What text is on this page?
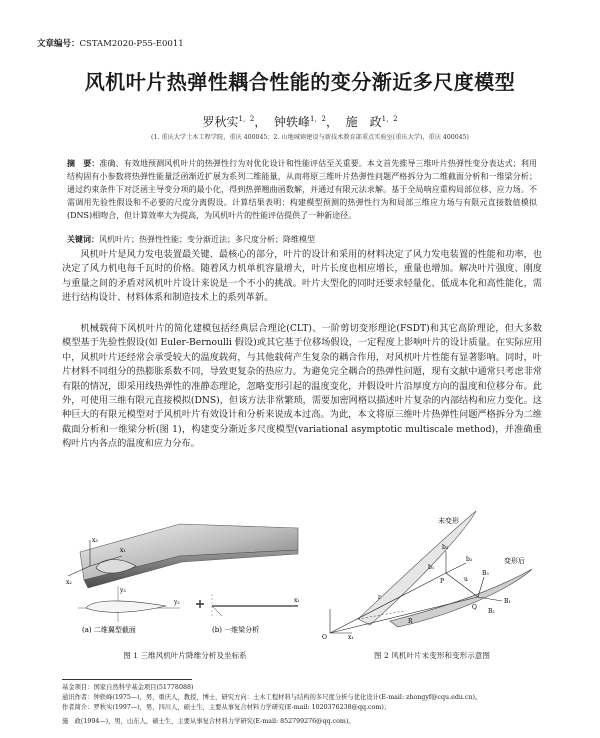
文章编号：CSTAM2020-P55-E0011
风机叶片热弹性耦合性能的变分渐近多尺度模型
罗秋实$^{1,2}$，  钟轶峰$^{1,2}$，  施　政$^{1,2}$
(1. 重庆大学土木工程学院，重庆 400045；2. 山地城镇建设与新技术教育部重点实验室(重庆大学)，重庆 400045)
摘　要：准确、有效地预测风机叶片的热弹性行为对优化设计和性能评估至关重要。本文首先推导三维叶片热弹性变分表达式；利用结构固有小参数将热弹性能量泛函渐近扩展为系列二维能量，从而将原三维叶片热弹性问题严格拆分为二维截面分析和一维梁分析；通过约束条件下对泛函主导变分项的最小化，得到热弹翘曲函数解，并通过有限元法求解。基于全局响应重构局部位移、应力场。不需调用先验性假设和不必要的尺度分离假设。计算结果表明：构建模型预测的热弹性行为和局部三维应力场与有限元直接数值模拟(DNS)相吻合，但计算效率大为提高，为风机叶片的性能评估提供了一种新途径。
关键词：风机叶片；热弹性性能；变分渐近法；多尺度分析；降维模型
风机叶片是风力发电装置最关键、最核心的部分，叶片的设计和采用的材料决定了风力发电装置的性能和功率，也决定了风力机电每千瓦时的价格。随着风力机单机容量增大，叶片长度也相应增长，重量也增加。解决叶片强度、刚度与重量之间的矛盾对风机叶片设计来说是一个不小的挑战。叶片大型化的同时还要求轻量化、低成本化和高性能化，需进行结构设计、材料体系和制造技术上的系列革新。
机械载荷下风机叶片的简化建模包括经典层合理论(CLT)、一阶剪切变形理论(FSDT)和其它高阶理论，但大多数模型基于先验性假设(如 Euler-Bernoulli 假设)或其它基于位移场假设，一定程度上影响叶片的设计质量。在实际应用中，风机叶片还经常会承受较大的温度载荷，与其他载荷产生复杂的耦合作用，对风机叶片性能有显著影响。同时，叶片材料不同组分的热膨胀系数不同，导致更复杂的热应力。为避免完全耦合的热弹性问题，现有文献中通常只考虑非常有限的情况，即采用线热弹性的准静态理论，忽略变形引起的温度变化，并假设叶片沿厚度方向的温度和位移分布。此外，可使用三维有限元直接模拟(DNS)，但该方法非常繁琐，需要加密网格以描述叶片复杂的内部结构和应力变化。这种巨大的有限元模型对于风机叶片有效设计和分析来说成本过高。为此，本文将原三维叶片热弹性问题严格拆分为二维截面分析和一维梁分析(图 1)，构建变分渐近多尺度模型(variational asymptotic multiscale method)，并准确重构叶片内各点的温度和应力分布。
x₃
x₂
x₁
y₃
y₂	x₁
(a) 二维翼型截面	(b) 一维梁分析
图 1 三维风机叶片降维分析及坐标系
未变形
变形后
b₃
b₂
b₁
B₃
B₁
B₂
P
Q
r
R
u
O	x₁
图 2 风机叶片未变形和变形示意图
基金项目：国家自然科学基金项目(51778088)
通讯作者：钟轶峰(1975—)，男，重庆人，教授，博士，研究方向：土木工程材料与结构的多尺度分析与优化设计(E-mail: zhongyf@cqu.edu.cn)。
作者简介：罗秋实(1997—)，男，四川人，硕士生，主要从事复合材料力学研究(E-mail: 1020376238@qq.com)；
施　政(1994—)，男，山东人，硕士生，主要从事复合材料力学研究(E-mail: 852799276@qq.com)。
